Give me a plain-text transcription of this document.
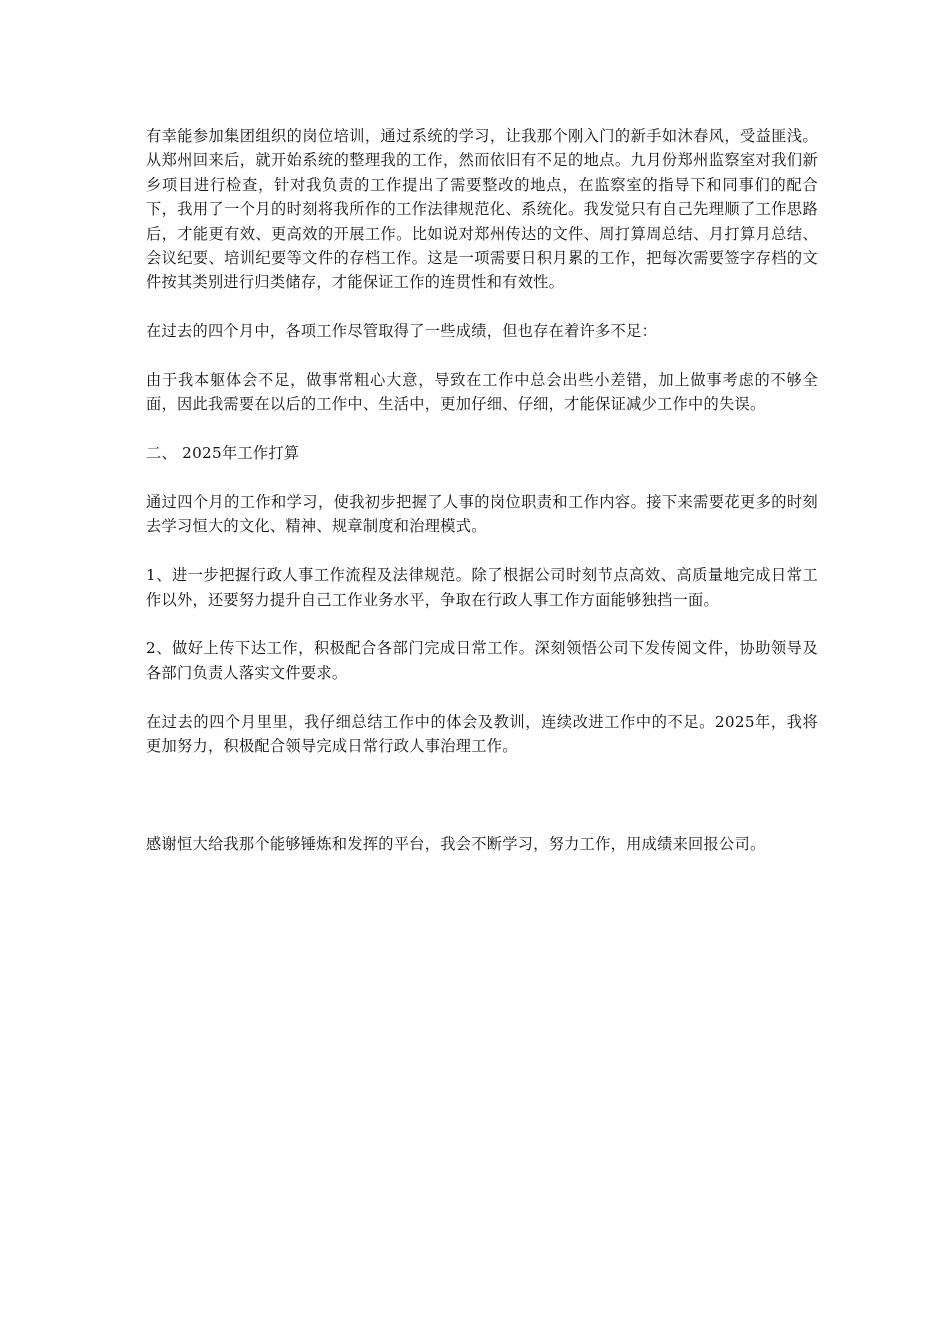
有幸能参加集团组织的岗位培训，通过系统的学习，让我那个刚入门的新手如沐春风，受益匪浅。从郑州回来后，就开始系统的整理我的工作，然而依旧有不足的地点。九月份郑州监察室对我们新乡项目进行检查，针对我负责的工作提出了需要整改的地点，在监察室的指导下和同事们的配合下，我用了一个月的时刻将我所作的工作法律规范化、系统化。我发觉只有自己先理顺了工作思路后，才能更有效、更高效的开展工作。比如说对郑州传达的文件、周打算周总结、月打算月总结、会议纪要、培训纪要等文件的存档工作。这是一项需要日积月累的工作，把每次需要签字存档的文件按其类别进行归类储存，才能保证工作的连贯性和有效性。

在过去的四个月中，各项工作尽管取得了一些成绩，但也存在着许多不足：

由于我本躯体会不足，做事常粗心大意，导致在工作中总会出些小差错，加上做事考虑的不够全面，因此我需要在以后的工作中、生活中，更加仔细、仔细，才能保证减少工作中的失误。

二、 2025年工作打算

通过四个月的工作和学习，使我初步把握了人事的岗位职责和工作内容。接下来需要花更多的时刻去学习恒大的文化、精神、规章制度和治理模式。

1、进一步把握行政人事工作流程及法律规范。除了根据公司时刻节点高效、高质量地完成日常工作以外，还要努力提升自己工作业务水平，争取在行政人事工作方面能够独挡一面。

2、做好上传下达工作，积极配合各部门完成日常工作。深刻领悟公司下发传阅文件，协助领导及各部门负责人落实文件要求。

在过去的四个月里里，我仔细总结工作中的体会及教训，连续改进工作中的不足。2025年，我将更加努力，积极配合领导完成日常行政人事治理工作。

感谢恒大给我那个能够锤炼和发挥的平台，我会不断学习，努力工作，用成绩来回报公司。
